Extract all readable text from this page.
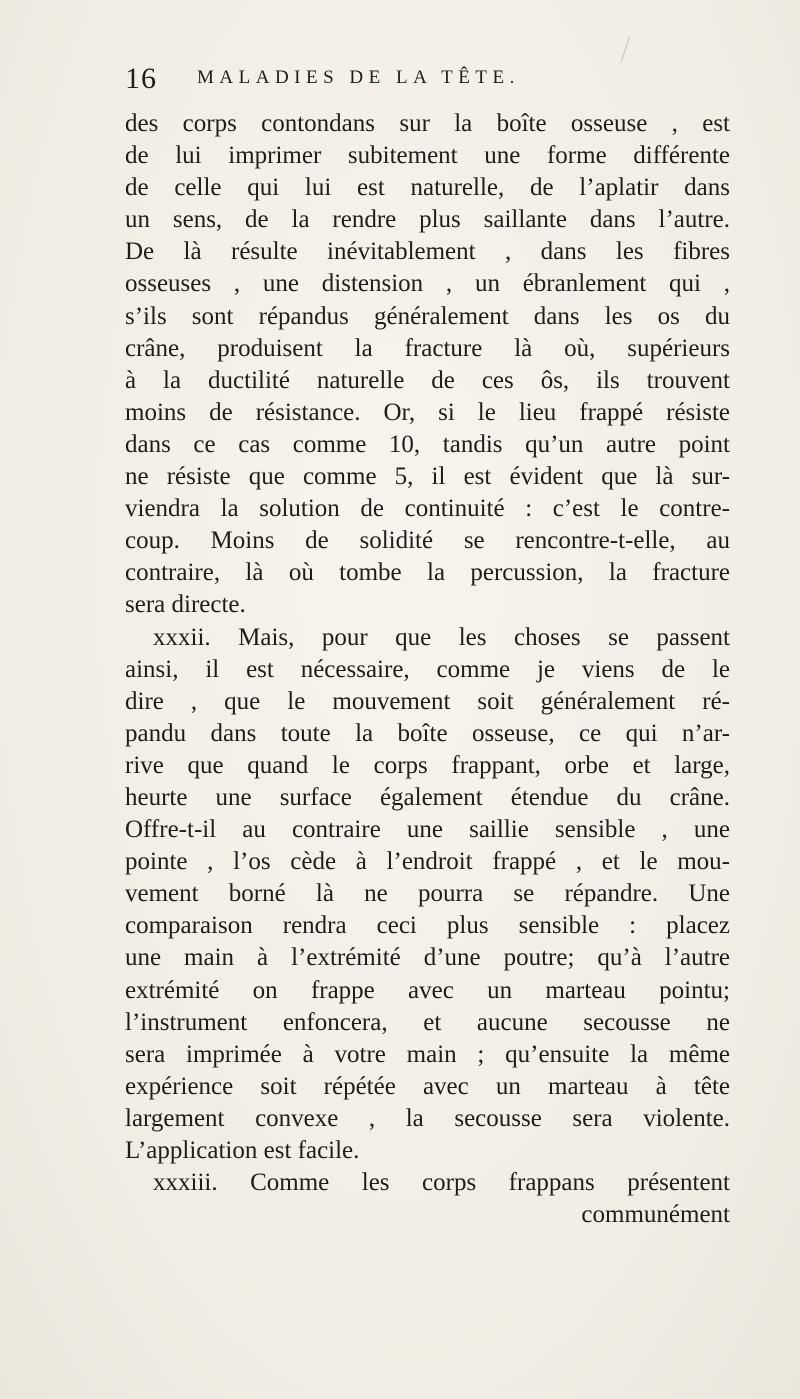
16 MALADIES DE LA TÊTE.
des corps contondans sur la boîte osseuse , est
de lui imprimer subitement une forme différente
de celle qui lui est naturelle, de l’aplatir dans
un sens, de la rendre plus saillante dans l’autre.
De là résulte inévitablement , dans les fibres
osseuses , une distension , un ébranlement qui ,
s’ils sont répandus généralement dans les os du
crâne, produisent la fracture là où, supérieurs
à la ductilité naturelle de ces ôs, ils trouvent
moins de résistance. Or, si le lieu frappé résiste
dans ce cas comme 10, tandis qu’un autre point
ne résiste que comme 5, il est évident que là sur-
viendra la solution de continuité : c’est le contre-
coup. Moins de solidité se rencontre-t-elle, au
contraire, là où tombe la percussion, la fracture
sera directe.
xxxii. Mais, pour que les choses se passent
ainsi, il est nécessaire, comme je viens de le
dire , que le mouvement soit généralement ré-
pandu dans toute la boîte osseuse, ce qui n’ar-
rive que quand le corps frappant, orbe et large,
heurte une surface également étendue du crâne.
Offre-t-il au contraire une saillie sensible , une
pointe , l’os cède à l’endroit frappé , et le mou-
vement borné là ne pourra se répandre. Une
comparaison rendra ceci plus sensible : placez
une main à l’extrémité d’une poutre; qu’à l’autre
extrémité on frappe avec un marteau pointu;
l’instrument enfoncera, et aucune secousse ne
sera imprimée à votre main ; qu’ensuite la même
expérience soit répétée avec un marteau à tête
largement convexe , la secousse sera violente.
L’application est facile.
xxxiii. Comme les corps frappans présentent
communément
